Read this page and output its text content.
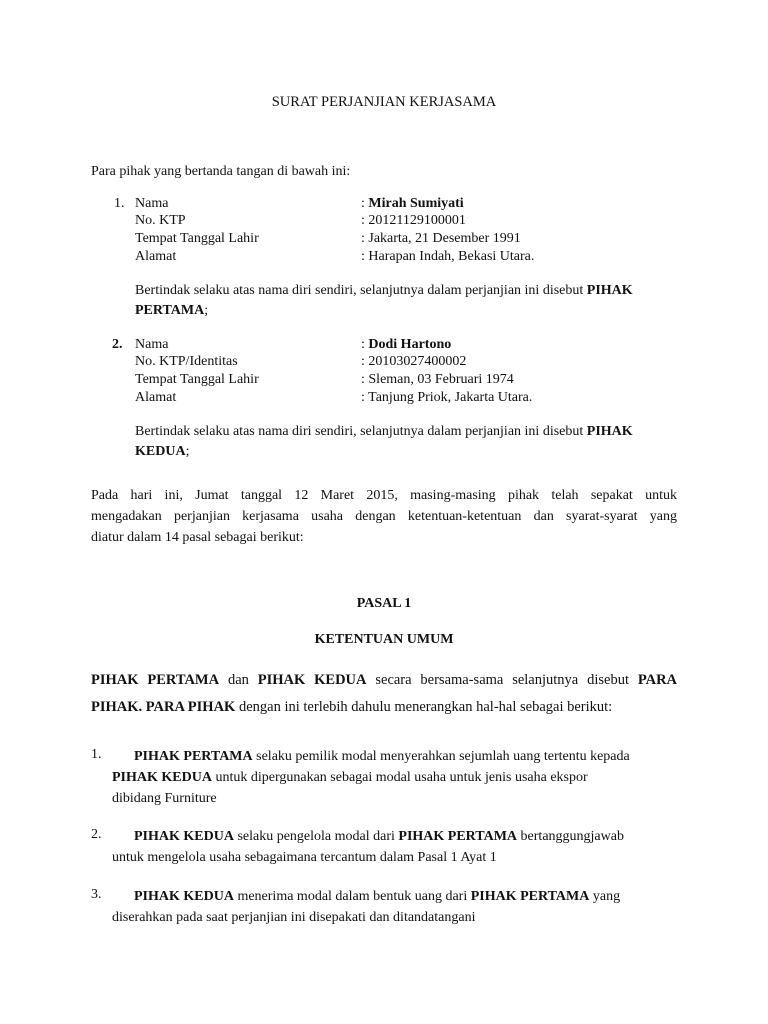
SURAT PERJANJIAN KERJASAMA
Para pihak yang bertanda tangan di bawah ini:
1. Nama
No. KTP
Tempat Tanggal Lahir
Alamat
: Mirah Sumiyati
: 20121129100001
: Jakarta, 21 Desember 1991
: Harapan Indah, Bekasi Utara.
Bertindak selaku atas nama diri sendiri, selanjutnya dalam perjanjian ini disebut PIHAK
PERTAMA;
2. Nama
No. KTP/Identitas
Tempat Tanggal Lahir
Alamat
: Dodi Hartono
: 20103027400002
: Sleman, 03 Februari 1974
: Tanjung Priok, Jakarta Utara.
Bertindak selaku atas nama diri sendiri, selanjutnya dalam perjanjian ini disebut PIHAK
KEDUA;
Pada hari ini, Jumat tanggal 12 Maret 2015, masing-masing pihak telah sepakat untuk
mengadakan perjanjian kerjasama usaha dengan ketentuan-ketentuan dan syarat-syarat yang
diatur dalam 14 pasal sebagai berikut:
PASAL 1
KETENTUAN UMUM
PIHAK PERTAMA dan PIHAK KEDUA secara bersama-sama selanjutnya disebut PARA
PIHAK. PARA PIHAK dengan ini terlebih dahulu menerangkan hal-hal sebagai berikut:
1. PIHAK PERTAMA selaku pemilik modal menyerahkan sejumlah uang tertentu kepada
PIHAK KEDUA untuk dipergunakan sebagai modal usaha untuk jenis usaha ekspor
dibidang Furniture
2. PIHAK KEDUA selaku pengelola modal dari PIHAK PERTAMA bertanggungjawab
untuk mengelola usaha sebagaimana tercantum dalam Pasal 1 Ayat 1
3. PIHAK KEDUA menerima modal dalam bentuk uang dari PIHAK PERTAMA yang
diserahkan pada saat perjanjian ini disepakati dan ditandatangani
